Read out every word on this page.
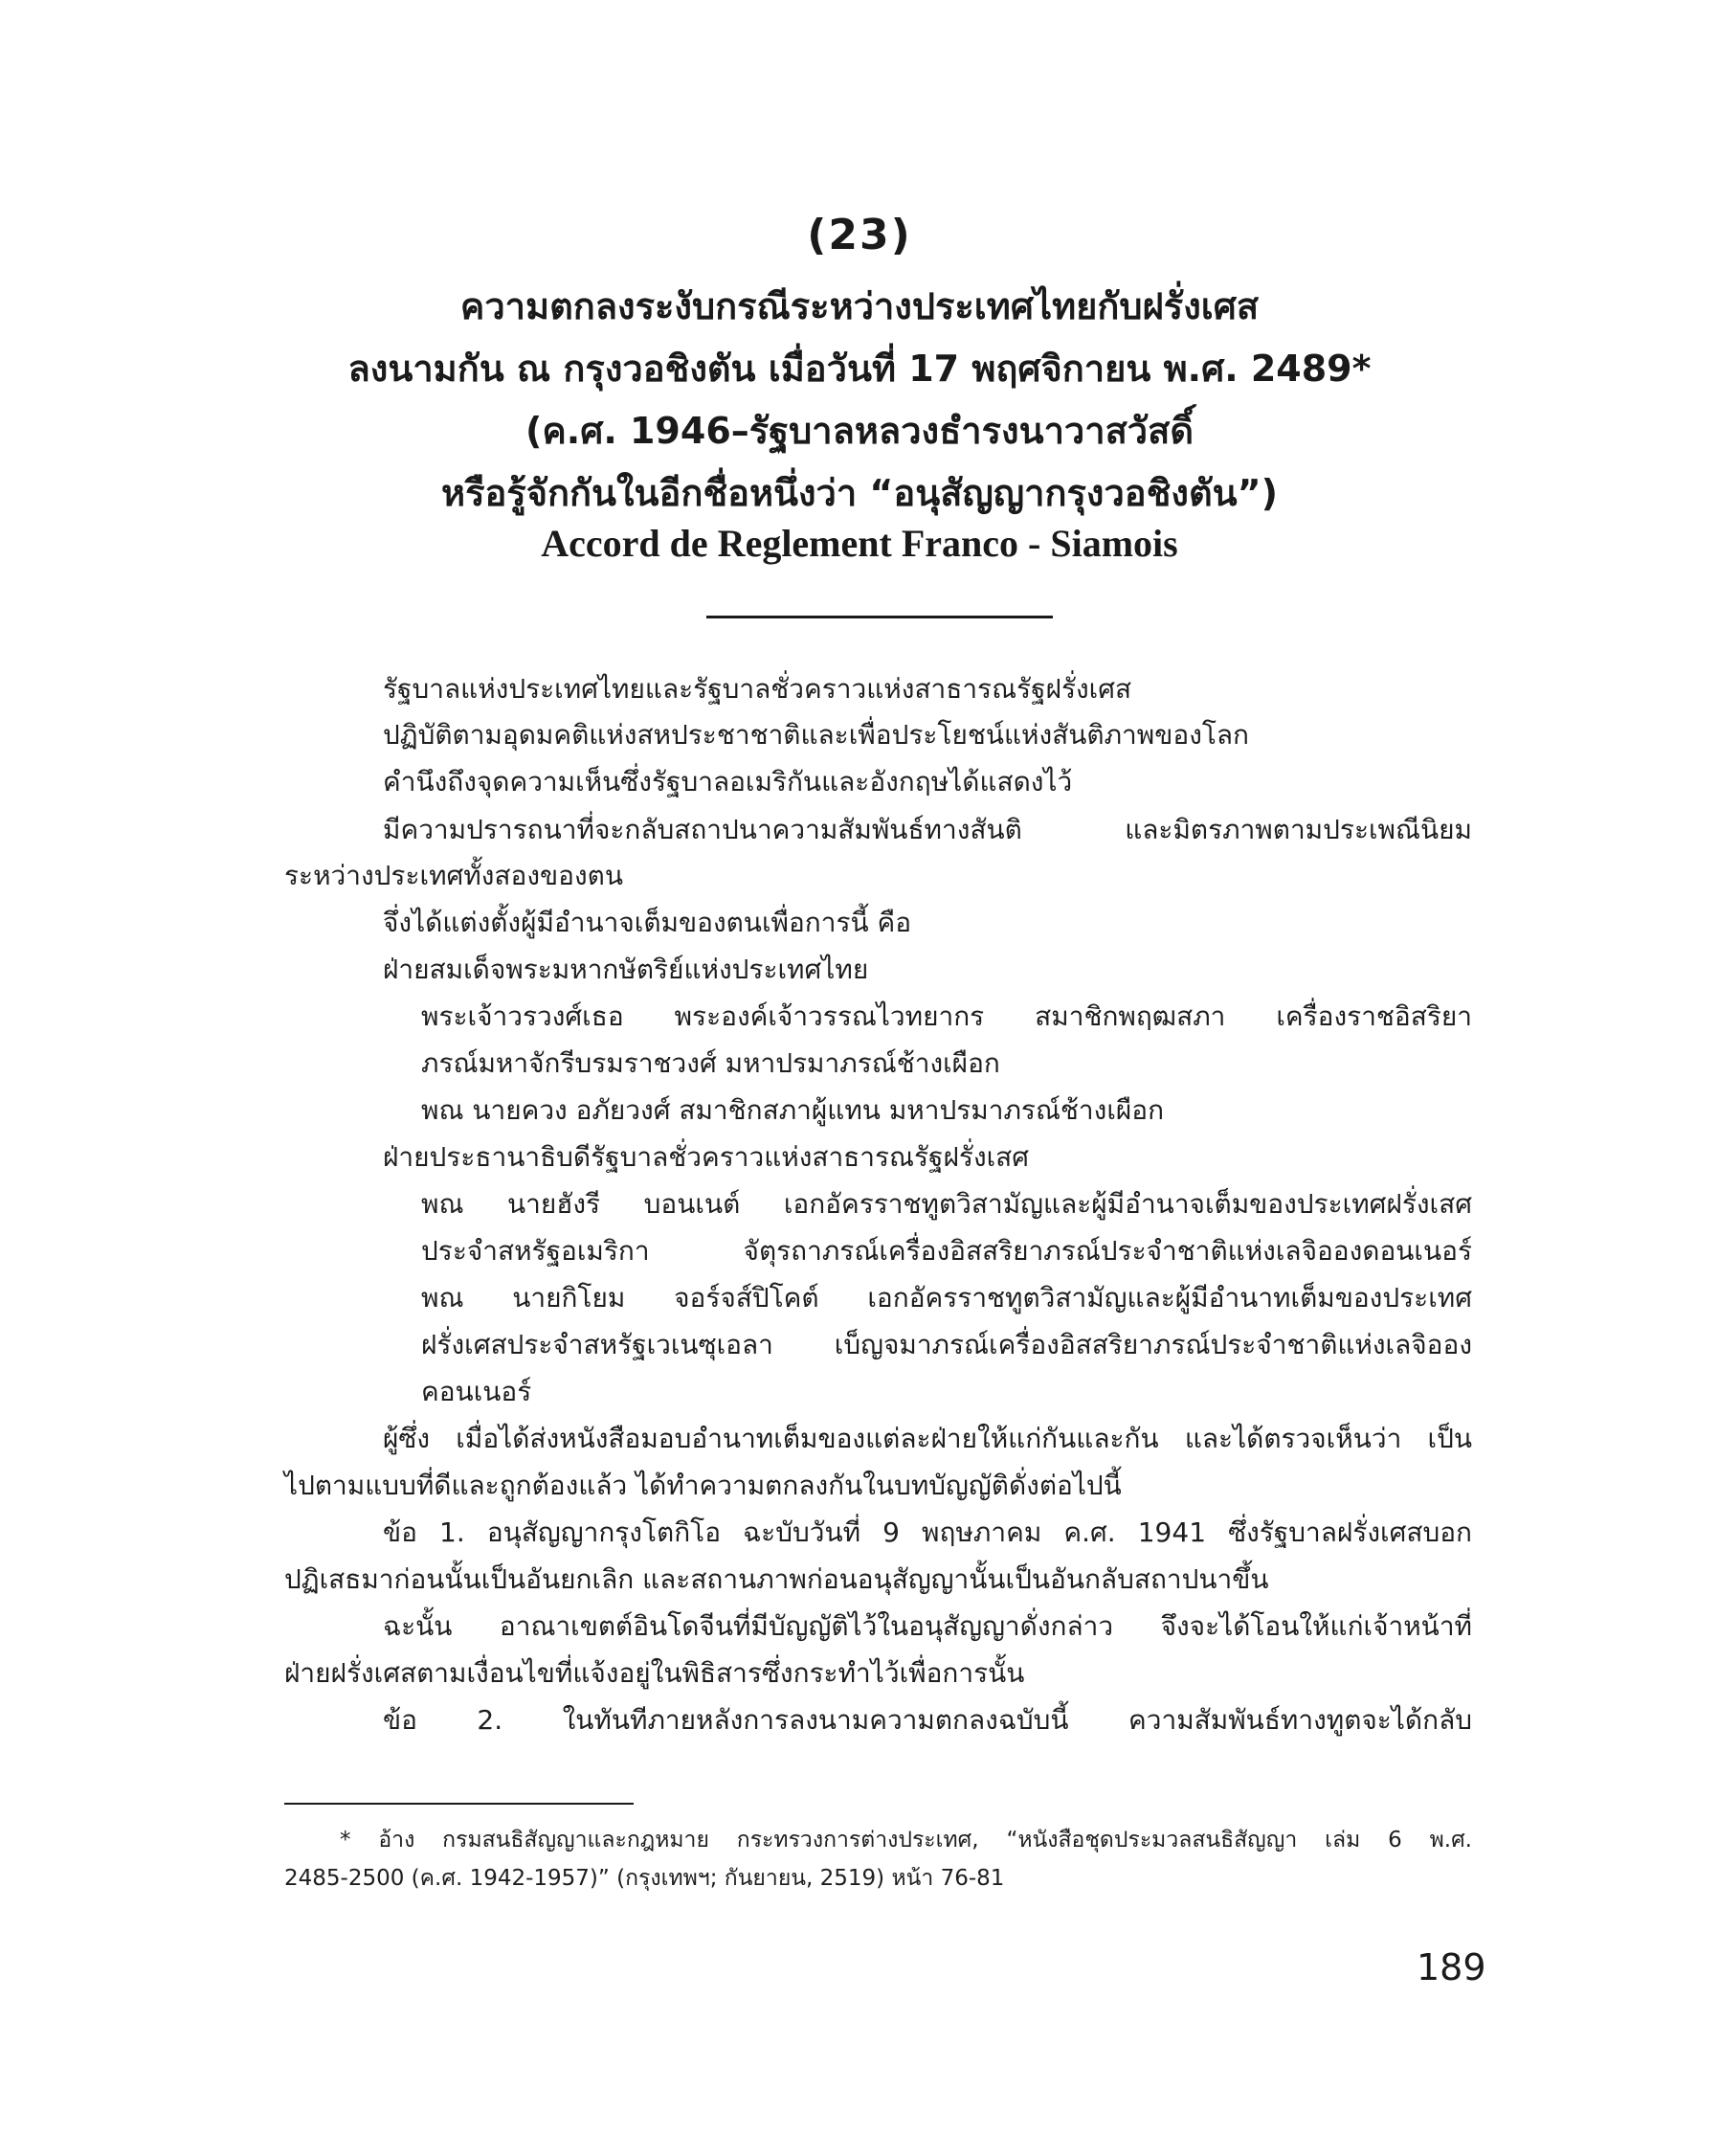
(23)
ความตกลงระงับกรณีระหว่างประเทศไทยกับฝรั่งเศส
ลงนามกัน ณ กรุงวอชิงตัน เมื่อวันที่ 17 พฤศจิกายน พ.ศ. 2489*
(ค.ศ. 1946–รัฐบาลหลวงธำรงนาวาสวัสดิ์
หรือรู้จักกันในอีกชื่อหนึ่งว่า “อนุสัญญากรุงวอชิงตัน”)
Accord de Reglement Franco - Siamois
รัฐบาลแห่งประเทศไทยและรัฐบาลชั่วคราวแห่งสาธารณรัฐฝรั่งเศส
ปฏิบัติตามอุดมคติแห่งสหประชาชาติและเพื่อประโยชน์แห่งสันติภาพของโลก
คำนึงถึงจุดความเห็นซึ่งรัฐบาลอเมริกันและอังกฤษได้แสดงไว้
มีความปรารถนาที่จะกลับสถาปนาความสัมพันธ์ทางสันติ และมิตรภาพตามประเพณีนิยม
ระหว่างประเทศทั้งสองของตน
จึ่งได้แต่งตั้งผู้มีอำนาจเต็มของตนเพื่อการนี้ คือ
ฝ่ายสมเด็จพระมหากษัตริย์แห่งประเทศไทย
พระเจ้าวรวงศ์เธอ พระองค์เจ้าวรรณไวทยากร สมาชิกพฤฒสภา เครื่องราชอิสริยา
ภรณ์มหาจักรีบรมราชวงศ์ มหาปรมาภรณ์ช้างเผือก
พณ นายควง อภัยวงศ์ สมาชิกสภาผู้แทน มหาปรมาภรณ์ช้างเผือก
ฝ่ายประธานาธิบดีรัฐบาลชั่วคราวแห่งสาธารณรัฐฝรั่งเสศ
พณ นายฮังรี บอนเนต์ เอกอัครราชทูตวิสามัญและผู้มีอำนาจเต็มของประเทศฝรั่งเสศ
ประจำสหรัฐอเมริกา จัตุรถาภรณ์เครื่องอิสสริยาภรณ์ประจำชาติแห่งเลจิอองดอนเนอร์
พณ นายกิโยม จอร์จส์ปิโคต์ เอกอัครราชทูตวิสามัญและผู้มีอำนาทเต็มของประเทศ
ฝรั่งเศสประจำสหรัฐเวเนซุเอลา เบ็ญจมาภรณ์เครื่องอิสสริยาภรณ์ประจำชาติแห่งเลจิออง
คอนเนอร์
ผู้ซึ่ง เมื่อได้ส่งหนังสือมอบอำนาทเต็มของแต่ละฝ่ายให้แก่กันและกัน และได้ตรวจเห็นว่า เป็น
ไปตามแบบที่ดีและถูกต้องแล้ว ได้ทำความตกลงกันในบทบัญญัติดั่งต่อไปนี้
ข้อ 1. อนุสัญญากรุงโตกิโอ ฉะบับวันที่ 9 พฤษภาคม ค.ศ. 1941 ซึ่งรัฐบาลฝรั่งเศสบอก
ปฏิเสธมาก่อนนั้นเป็นอันยกเลิก และสถานภาพก่อนอนุสัญญานั้นเป็นอันกลับสถาปนาขึ้น
ฉะนั้น อาณาเขตต์อินโดจีนที่มีบัญญัติไว้ในอนุสัญญาดั่งกล่าว จึงจะได้โอนให้แก่เจ้าหน้าที่
ฝ่ายฝรั่งเศสตามเงื่อนไขที่แจ้งอยู่ในพิธิสารซึ่งกระทำไว้เพื่อการนั้น
ข้อ 2. ในทันทีภายหลังการลงนามความตกลงฉบับนี้ ความสัมพันธ์ทางทูตจะได้กลับ
* อ้าง กรมสนธิสัญญาและกฎหมาย กระทรวงการต่างประเทศ, “หนังสือชุดประมวลสนธิสัญญา เล่ม 6 พ.ศ.
2485-2500 (ค.ศ. 1942-1957)” (กรุงเทพฯ; กันยายน, 2519) หน้า 76-81
189
